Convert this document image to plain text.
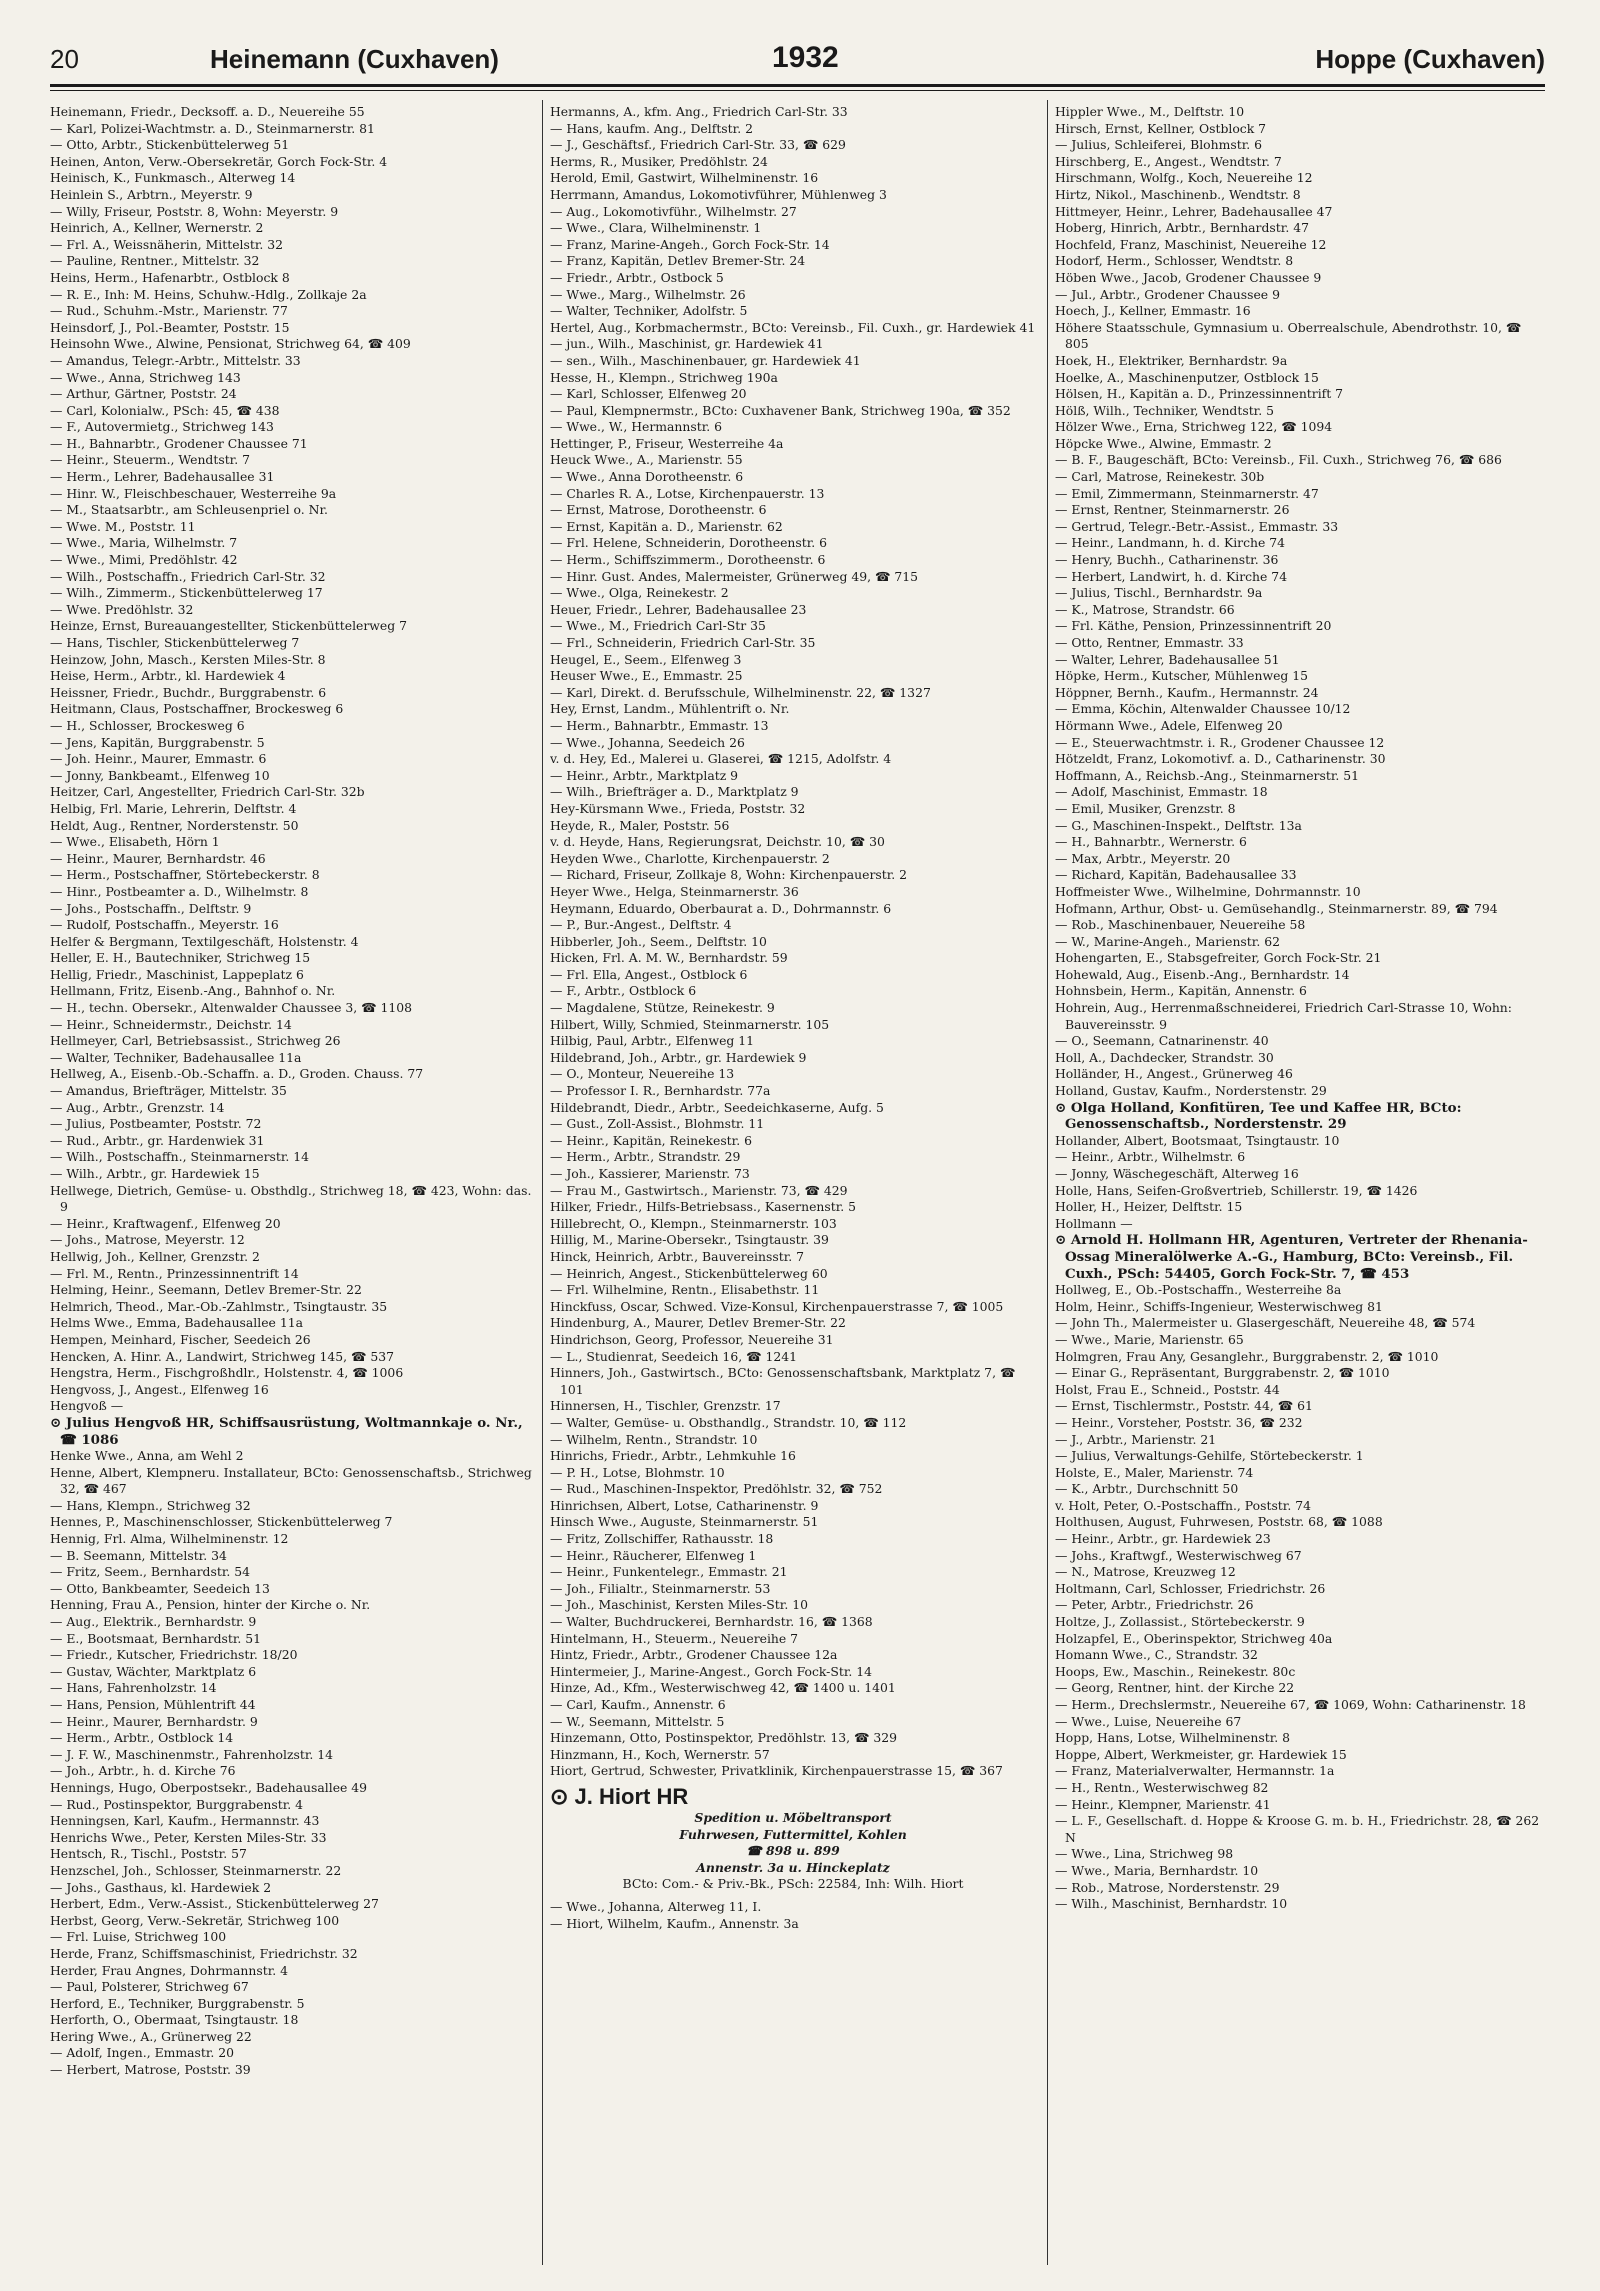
20	Heinemann (Cuxhaven)	1932	Hoppe (Cuxhaven)
Heinemann, Friedr., Decksoff. a. D., Neuereihe 55
— Karl, Polizei-Wachtmstr. a. D., Steinmarnerstr. 81
— Otto, Arbtr., Stickenbüttelerweg 51
Heinen, Anton, Verw.-Obersekretär, Gorch Fock-Str. 4
Heinisch, K., Funkmasch., Alterweg 14
Heinlein S., Arbtrn., Meyerstr. 9
— Willy, Friseur, Poststr. 8, Wohn: Meyerstr. 9
Heinrich, A., Kellner, Wernerstr. 2
— Frl. A., Weissnäherin, Mittelstr. 32
— Pauline, Rentner., Mittelstr. 32
Heins, Herm., Hafenarbtr., Ostblock 8
— R. E., Inh: M. Heins, Schuhw.-Hdlg., Zollkaje 2a
— Rud., Schuhm.-Mstr., Marienstr. 77
Heinsdorf, J., Pol.-Beamter, Poststr. 15
Heinsohn Wwe., Alwine, Pensionat, Strichweg 64, ☎ 409
— Amandus, Telegr.-Arbtr., Mittelstr. 33
— Wwe., Anna, Strichweg 143
— Arthur, Gärtner, Poststr. 24
— Carl, Kolonialw., PSch: 45, ☎ 438
— F., Autovermietg., Strichweg 143
— H., Bahnarbtr., Grodener Chaussee 71
— Heinr., Steuerm., Wendtstr. 7
— Herm., Lehrer, Badehausallee 31
— Hinr. W., Fleischbeschauer, Westerreihe 9a
— M., Staatsarbtr., am Schleusenpriel o. Nr.
— Wwe. M., Poststr. 11
— Wwe., Maria, Wilhelmstr. 7
— Wwe., Mimi, Predöhlstr. 42
— Wilh., Postschaffn., Friedrich Carl-Str. 32
— Wilh., Zimmerm., Stickenbüttelerweg 17
— Wwe. Predöhlstr. 32
Heinze, Ernst, Bureauangestellter, Stickenbüttelerweg 7
— Hans, Tischler, Stickenbüttelerweg 7
Heinzow, John, Masch., Kersten Miles-Str. 8
Heise, Herm., Arbtr., kl. Hardewiek 4
Heissner, Friedr., Buchdr., Burggrabenstr. 6
Heitmann, Claus, Postschaffner, Brockesweg 6
— H., Schlosser, Brockesweg 6
— Jens, Kapitän, Burggrabenstr. 5
— Joh. Heinr., Maurer, Emmastr. 6
— Jonny, Bankbeamt., Elfenweg 10
Heitzer, Carl, Angestellter, Friedrich Carl-Str. 32b
Helbig, Frl. Marie, Lehrerin, Delftstr. 4
Heldt, Aug., Rentner, Norderstenstr. 50
— Wwe., Elisabeth, Hörn 1
— Heinr., Maurer, Bernhardstr. 46
— Herm., Postschaffner, Störtebeckerstr. 8
— Hinr., Postbeamter a. D., Wilhelmstr. 8
— Johs., Postschaffn., Delftstr. 9
— Rudolf, Postschaffn., Meyerstr. 16
Helfer & Bergmann, Textilgeschäft, Holstenstr. 4
Heller, E. H., Bautechniker, Strichweg 15
Hellig, Friedr., Maschinist, Lappeplatz 6
Hellmann, Fritz, Eisenb.-Ang., Bahnhof o. Nr.
— H., techn. Obersekr., Altenwalder Chaussee 3, ☎ 1108
— Heinr., Schneidermstr., Deichstr. 14
Hellmeyer, Carl, Betriebsassist., Strichweg 26
— Walter, Techniker, Badehausallee 11a
Hellweg, A., Eisenb.-Ob.-Schaffn. a. D., Groden. Chauss. 77
— Amandus, Briefträger, Mittelstr. 35
— Aug., Arbtr., Grenzstr. 14
— Julius, Postbeamter, Poststr. 72
— Rud., Arbtr., gr. Hardenwiek 31
— Wilh., Postschaffn., Steinmarnerstr. 14
— Wilh., Arbtr., gr. Hardewiek 15
Hellwege, Dietrich, Gemüse- u. Obsthdlg., Strichweg 18, ☎ 423, Wohn: das. 9
— Heinr., Kraftwagenf., Elfenweg 20
— Johs., Matrose, Meyerstr. 12
Hellwig, Joh., Kellner, Grenzstr. 2
— Frl. M., Rentn., Prinzessinnentrift 14
Helming, Heinr., Seemann, Detlev Bremer-Str. 22
Helmrich, Theod., Mar.-Ob.-Zahlmstr., Tsingtaustr. 35
Helms Wwe., Emma, Badehausallee 11a
Hempen, Meinhard, Fischer, Seedeich 26
Hencken, A. Hinr. A., Landwirt, Strichweg 145, ☎ 537
Hengstra, Herm., Fischgroßhdlr., Holstenstr. 4, ☎ 1006
Hengvoss, J., Angest., Elfenweg 16
Hengvoß —
⊙ Julius Hengvoß HR, Schiffsausrüstung, Woltmannkaje o. Nr., ☎ 1086
Henke Wwe., Anna, am Wehl 2
Henne, Albert, Klempneru. Installateur, BCto: Genossenschaftsb., Strichweg 32, ☎ 467
— Hans, Klempn., Strichweg 32
Hennes, P., Maschinenschlosser, Stickenbüttelerweg 7
Hennig, Frl. Alma, Wilhelminenstr. 12
— B. Seemann, Mittelstr. 34
— Fritz, Seem., Bernhardstr. 54
— Otto, Bankbeamter, Seedeich 13
Henning, Frau A., Pension, hinter der Kirche o. Nr.
— Aug., Elektrik., Bernhardstr. 9
— E., Bootsmaat, Bernhardstr. 51
— Friedr., Kutscher, Friedrichstr. 18/20
— Gustav, Wächter, Marktplatz 6
— Hans, Fahrenholzstr. 14
— Hans, Pension, Mühlentrift 44
— Heinr., Maurer, Bernhardstr. 9
— Herm., Arbtr., Ostblock 14
— J. F. W., Maschinenmstr., Fahrenholzstr. 14
— Joh., Arbtr., h. d. Kirche 76
Hennings, Hugo, Oberpostsekr., Badehausallee 49
— Rud., Postinspektor, Burggrabenstr. 4
Henningsen, Karl, Kaufm., Hermannstr. 43
Henrichs Wwe., Peter, Kersten Miles-Str. 33
Hentsch, R., Tischl., Poststr. 57
Henzschel, Joh., Schlosser, Steinmarnerstr. 22
— Johs., Gasthaus, kl. Hardewiek 2
Herbert, Edm., Verw.-Assist., Stickenbüttelerweg 27
Herbst, Georg, Verw.-Sekretär, Strichweg 100
— Frl. Luise, Strichweg 100
Herde, Franz, Schiffsmaschinist, Friedrichstr. 32
Herder, Frau Angnes, Dohrmannstr. 4
— Paul, Polsterer, Strichweg 67
Herford, E., Techniker, Burggrabenstr. 5
Herforth, O., Obermaat, Tsingtaustr. 18
Hering Wwe., A., Grünerweg 22
— Adolf, Ingen., Emmastr. 20
— Herbert, Matrose, Poststr. 39
Hermanns, A., kfm. Ang., Friedrich Carl-Str. 33
— Hans, kaufm. Ang., Delftstr. 2
— J., Geschäftsf., Friedrich Carl-Str. 33, ☎ 629
Herms, R., Musiker, Predöhlstr. 24
Herold, Emil, Gastwirt, Wilhelminenstr. 16
Herrmann, Amandus, Lokomotivführer, Mühlenweg 3
— Aug., Lokomotivführ., Wilhelmstr. 27
— Wwe., Clara, Wilhelminenstr. 1
— Franz, Marine-Angeh., Gorch Fock-Str. 14
— Franz, Kapitän, Detlev Bremer-Str. 24
— Friedr., Arbtr., Ostbock 5
— Wwe., Marg., Wilhelmstr. 26
— Walter, Techniker, Adolfstr. 5
Hertel, Aug., Korbmachermstr., BCto: Vereinsb., Fil. Cuxh., gr. Hardewiek 41
— jun., Wilh., Maschinist, gr. Hardewiek 41
— sen., Wilh., Maschinenbauer, gr. Hardewiek 41
Hesse, H., Klempn., Strichweg 190a
— Karl, Schlosser, Elfenweg 20
— Paul, Klempnermstr., BCto: Cuxhavener Bank, Strichweg 190a, ☎ 352
— Wwe., W., Hermannstr. 6
Hettinger, P., Friseur, Westerreihe 4a
Heuck Wwe., A., Marienstr. 55
— Wwe., Anna Dorotheenstr. 6
— Charles R. A., Lotse, Kirchenpauerstr. 13
— Ernst, Matrose, Dorotheenstr. 6
— Ernst, Kapitän a. D., Marienstr. 62
— Frl. Helene, Schneiderin, Dorotheenstr. 6
— Herm., Schiffszimmerm., Dorotheenstr. 6
— Hinr. Gust. Andes, Malermeister, Grünerweg 49, ☎ 715
— Wwe., Olga, Reinekestr. 2
Heuer, Friedr., Lehrer, Badehausallee 23
— Wwe., M., Friedrich Carl-Str 35
— Frl., Schneiderin, Friedrich Carl-Str. 35
Heugel, E., Seem., Elfenweg 3
Heuser Wwe., E., Emmastr. 25
— Karl, Direkt. d. Berufsschule, Wilhelminenstr. 22, ☎ 1327
Hey, Ernst, Landm., Mühlentrift o. Nr.
— Herm., Bahnarbtr., Emmastr. 13
— Wwe., Johanna, Seedeich 26
v. d. Hey, Ed., Malerei u. Glaserei, ☎ 1215, Adolfstr. 4
— Heinr., Arbtr., Marktplatz 9
— Wilh., Briefträger a. D., Marktplatz 9
Hey-Kürsmann Wwe., Frieda, Poststr. 32
Heyde, R., Maler, Poststr. 56
v. d. Heyde, Hans, Regierungsrat, Deichstr. 10, ☎ 30
Heyden Wwe., Charlotte, Kirchenpauerstr. 2
— Richard, Friseur, Zollkaje 8, Wohn: Kirchenpauerstr. 2
Heyer Wwe., Helga, Steinmarnerstr. 36
Heymann, Eduardo, Oberbaurat a. D., Dohrmannstr. 6
— P., Bur.-Angest., Delftstr. 4
Hibberler, Joh., Seem., Delftstr. 10
Hicken, Frl. A. M. W., Bernhardstr. 59
— Frl. Ella, Angest., Ostblock 6
— F., Arbtr., Ostblock 6
— Magdalene, Stütze, Reinekestr. 9
Hilbert, Willy, Schmied, Steinmarnerstr. 105
Hilbig, Paul, Arbtr., Elfenweg 11
Hildebrand, Joh., Arbtr., gr. Hardewiek 9
— O., Monteur, Neuereihe 13
— Professor I. R., Bernhardstr. 77a
Hildebrandt, Diedr., Arbtr., Seedeichkaserne, Aufg. 5
— Gust., Zoll-Assist., Blohmstr. 11
— Heinr., Kapitän, Reinekestr. 6
— Herm., Arbtr., Strandstr. 29
— Joh., Kassierer, Marienstr. 73
— Frau M., Gastwirtsch., Marienstr. 73, ☎ 429
Hilker, Friedr., Hilfs-Betriebsass., Kasernenstr. 5
Hillebrecht, O., Klempn., Steinmarnerstr. 103
Hillig, M., Marine-Obersekr., Tsingtaustr. 39
Hinck, Heinrich, Arbtr., Bauvereinsstr. 7
— Heinrich, Angest., Stickenbüttelerweg 60
— Frl. Wilhelmine, Rentn., Elisabethstr. 11
Hinckfuss, Oscar, Schwed. Vize-Konsul, Kirchenpauerstrasse 7, ☎ 1005
Hindenburg, A., Maurer, Detlev Bremer-Str. 22
Hindrichson, Georg, Professor, Neuereihe 31
— L., Studienrat, Seedeich 16, ☎ 1241
Hinners, Joh., Gastwirtsch., BCto: Genossenschaftsbank, Marktplatz 7, ☎ 101
Hinnersen, H., Tischler, Grenzstr. 17
— Walter, Gemüse- u. Obsthandlg., Strandstr. 10, ☎ 112
— Wilhelm, Rentn., Strandstr. 10
Hinrichs, Friedr., Arbtr., Lehmkuhle 16
— P. H., Lotse, Blohmstr. 10
— Rud., Maschinen-Inspektor, Predöhlstr. 32, ☎ 752
Hinrichsen, Albert, Lotse, Catharinenstr. 9
Hinsch Wwe., Auguste, Steinmarnerstr. 51
— Fritz, Zollschiffer, Rathausstr. 18
— Heinr., Räucherer, Elfenweg 1
— Heinr., Funkentelegr., Emmastr. 21
— Joh., Filialtr., Steinmarnerstr. 53
— Joh., Maschinist, Kersten Miles-Str. 10
— Walter, Buchdruckerei, Bernhardstr. 16, ☎ 1368
Hintelmann, H., Steuerm., Neuereihe 7
Hintz, Friedr., Arbtr., Grodener Chaussee 12a
Hintermeier, J., Marine-Angest., Gorch Fock-Str. 14
Hinze, Ad., Kfm., Westerwischweg 42, ☎ 1400 u. 1401
— Carl, Kaufm., Annenstr. 6
— W., Seemann, Mittelstr. 5
Hinzemann, Otto, Postinspektor, Predöhlstr. 13, ☎ 329
Hinzmann, H., Koch, Wernerstr. 57
Hiort, Gertrud, Schwester, Privatklinik, Kirchenpauerstrasse 15, ☎ 367
⊙ J. Hiort HR
Spedition u. Möbeltransport
Fuhrwesen, Futtermittel, Kohlen
☎ 898 u. 899
Annenstr. 3a u. Hinckeplatz
BCto: Com.- & Priv.-Bk., PSch: 22584, Inh: Wilh. Hiort
— Wwe., Johanna, Alterweg 11, I.
— Hiort, Wilhelm, Kaufm., Annenstr. 3a
Hippler Wwe., M., Delftstr. 10
Hirsch, Ernst, Kellner, Ostblock 7
— Julius, Schleiferei, Blohmstr. 6
Hirschberg, E., Angest., Wendtstr. 7
Hirschmann, Wolfg., Koch, Neuereihe 12
Hirtz, Nikol., Maschinenb., Wendtstr. 8
Hittmeyer, Heinr., Lehrer, Badehausallee 47
Hoberg, Hinrich, Arbtr., Bernhardstr. 47
Hochfeld, Franz, Maschinist, Neuereihe 12
Hodorf, Herm., Schlosser, Wendtstr. 8
Höben Wwe., Jacob, Grodener Chaussee 9
— Jul., Arbtr., Grodener Chaussee 9
Hoech, J., Kellner, Emmastr. 16
Höhere Staatsschule, Gymnasium u. Oberrealschule, Abendrothstr. 10, ☎ 805
Hoek, H., Elektriker, Bernhardstr. 9a
Hoelke, A., Maschinenputzer, Ostblock 15
Hölsen, H., Kapitän a. D., Prinzessinnentrift 7
Hölß, Wilh., Techniker, Wendtstr. 5
Hölzer Wwe., Erna, Strichweg 122, ☎ 1094
Höpcke Wwe., Alwine, Emmastr. 2
— B. F., Baugeschäft, BCto: Vereinsb., Fil. Cuxh., Strichweg 76, ☎ 686
— Carl, Matrose, Reinekestr. 30b
— Emil, Zimmermann, Steinmarnerstr. 47
— Ernst, Rentner, Steinmarnerstr. 26
— Gertrud, Telegr.-Betr.-Assist., Emmastr. 33
— Heinr., Landmann, h. d. Kirche 74
— Henry, Buchh., Catharinenstr. 36
— Herbert, Landwirt, h. d. Kirche 74
— Julius, Tischl., Bernhardstr. 9a
— K., Matrose, Strandstr. 66
— Frl. Käthe, Pension, Prinzessinnentrift 20
— Otto, Rentner, Emmastr. 33
— Walter, Lehrer, Badehausallee 51
Höpke, Herm., Kutscher, Mühlenweg 15
Höppner, Bernh., Kaufm., Hermannstr. 24
— Emma, Köchin, Altenwalder Chaussee 10/12
Hörmann Wwe., Adele, Elfenweg 20
— E., Steuerwachtmstr. i. R., Grodener Chaussee 12
Hötzeldt, Franz, Lokomotivf. a. D., Catharinenstr. 30
Hoffmann, A., Reichsb.-Ang., Steinmarnerstr. 51
— Adolf, Maschinist, Emmastr. 18
— Emil, Musiker, Grenzstr. 8
— G., Maschinen-Inspekt., Delftstr. 13a
— H., Bahnarbtr., Wernerstr. 6
— Max, Arbtr., Meyerstr. 20
— Richard, Kapitän, Badehausallee 33
Hoffmeister Wwe., Wilhelmine, Dohrmannstr. 10
Hofmann, Arthur, Obst- u. Gemüsehandlg., Steinmarnerstr. 89, ☎ 794
— Rob., Maschinenbauer, Neuereihe 58
— W., Marine-Angeh., Marienstr. 62
Hohengarten, E., Stabsgefreiter, Gorch Fock-Str. 21
Hohewald, Aug., Eisenb.-Ang., Bernhardstr. 14
Hohnsbein, Herm., Kapitän, Annenstr. 6
Hohrein, Aug., Herrenmaßschneiderei, Friedrich Carl-Strasse 10, Wohn: Bauvereinsstr. 9
— O., Seemann, Catnarinenstr. 40
Holl, A., Dachdecker, Strandstr. 30
Holländer, H., Angest., Grünerweg 46
Holland, Gustav, Kaufm., Norderstenstr. 29
⊙ Olga Holland, Konfitüren, Tee und Kaffee HR, BCto: Genossenschaftsb., Norderstenstr. 29
Hollander, Albert, Bootsmaat, Tsingtaustr. 10
— Heinr., Arbtr., Wilhelmstr. 6
— Jonny, Wäschegeschäft, Alterweg 16
Holle, Hans, Seifen-Großvertrieb, Schillerstr. 19, ☎ 1426
Holler, H., Heizer, Delftstr. 15
Hollmann —
⊙ Arnold H. Hollmann HR, Agenturen, Vertreter der Rhenania-Ossag Mineralölwerke A.-G., Hamburg, BCto: Vereinsb., Fil. Cuxh., PSch: 54405, Gorch Fock-Str. 7, ☎ 453
Hollweg, E., Ob.-Postschaffn., Westerreihe 8a
Holm, Heinr., Schiffs-Ingenieur, Westerwischweg 81
— John Th., Malermeister u. Glasergeschäft, Neuereihe 48, ☎ 574
— Wwe., Marie, Marienstr. 65
Holmgren, Frau Any, Gesanglehr., Burggrabenstr. 2, ☎ 1010
— Einar G., Repräsentant, Burggrabenstr. 2, ☎ 1010
Holst, Frau E., Schneid., Poststr. 44
— Ernst, Tischlermstr., Poststr. 44, ☎ 61
— Heinr., Vorsteher, Poststr. 36, ☎ 232
— J., Arbtr., Marienstr. 21
— Julius, Verwaltungs-Gehilfe, Störtebeckerstr. 1
Holste, E., Maler, Marienstr. 74
— K., Arbtr., Durchschnitt 50
v. Holt, Peter, O.-Postschaffn., Poststr. 74
Holthusen, August, Fuhrwesen, Poststr. 68, ☎ 1088
— Heinr., Arbtr., gr. Hardewiek 23
— Johs., Kraftwgf., Westerwischweg 67
— N., Matrose, Kreuzweg 12
Holtmann, Carl, Schlosser, Friedrichstr. 26
— Peter, Arbtr., Friedrichstr. 26
Holtze, J., Zollassist., Störtebeckerstr. 9
Holzapfel, E., Oberinspektor, Strichweg 40a
Homann Wwe., C., Strandstr. 32
Hoops, Ew., Maschin., Reinekestr. 80c
— Georg, Rentner, hint. der Kirche 22
— Herm., Drechslermstr., Neuereihe 67, ☎ 1069, Wohn: Catharinenstr. 18
— Wwe., Luise, Neuereihe 67
Hopp, Hans, Lotse, Wilhelminenstr. 8
Hoppe, Albert, Werkmeister, gr. Hardewiek 15
— Franz, Materialverwalter, Hermannstr. 1a
— H., Rentn., Westerwischweg 82
— Heinr., Klempner, Marienstr. 41
— L. F., Gesellschaft. d. Hoppe & Kroose G. m. b. H., Friedrichstr. 28, ☎ 262 N
— Wwe., Lina, Strichweg 98
— Wwe., Maria, Bernhardstr. 10
— Rob., Matrose, Norderstenstr. 29
— Wilh., Maschinist, Bernhardstr. 10
